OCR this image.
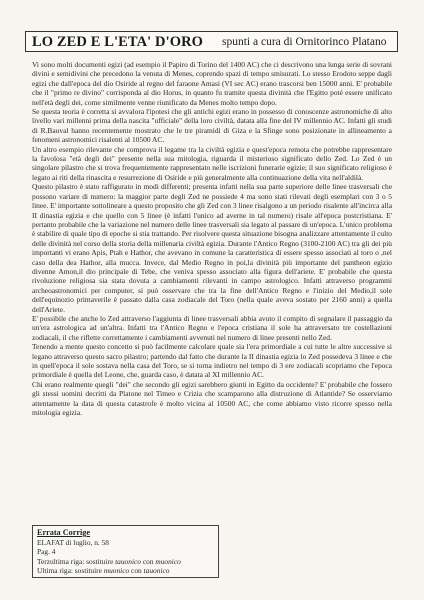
LO ZED E L'ETA' D'ORO spunti a cura di Ornitorinco Platano

Vi sono molti documenti egizi (ad esempio il Papiro di Torino del 1400 AC) che ci descrivono una lunga serie di sovrani divini e semidivini che precedono la venuta di Menes, coprendo spazi di tempo smisurati. Lo stesso Erodoto seppe dagli egizi che dall'epoca del dio Osiride al regno del faraone Amasi (VI sec AC) erano trascorsi ben 15000 anni. E' probabile che il "primo re divino" corrisponda al dio Horus, in quanto fu tramite questa divinità che l'Egitto poté essere unificato nell'età degli dei, come similmente venne riunificato da Menes molto tempo dopo.

Se questa teoria è corretta si avvalora l'ipotesi che gli antichi egizi erano in possesso di conoscenze astronomiche di alto livello vari millenni prima della nascita "ufficiale" della loro civiltà, datata alla fine del IV millennio AC. Infatti gli studi di R.Bauval hanno recentemente mostrato che le tre piramidi di Giza e la Sfinge sono posizionate in allineamento a fenomeni astronomici risalenti al 10500 AC.

Un altro esempio rilevante che comprova il legame tra la civiltà egizia e quest'epoca remota che potrebbe rappresentare la favolosa "età degli dei" presente nella sua mitologia, riguarda il misterioso significato dello Zed. Lo Zed è un singolare pilastro che si trova frequentemente rappresentato nelle iscrizioni funerarie egizie; il suo significato religioso è legato ai riti della rinascita e resurrezione di Osiride e più generalmente alla continuazione della vita nell'aldilà.

Questo pilastro è stato raffigurato in modi differenti; presenta infatti nella sua parte superiore delle linee trasversali che possono variare di numero: la maggior parte degli Zed ne possiede 4 ma sono stati rilevati degli esemplari con 3 o 5 linee. E' importante sottolineare a questo proposito che gli Zed con 3 linee risalgono a un periodo risalente all'incirca alla II dinastia egizia e che quello con 5 linee (è infatti l'unico ad averne in tal numero) risale all'epoca postcristiana. E' pertanto probabile che la variazione nel numero delle linee trasversali sia legato al passare di un'epoca. L'unico problema è stabilire di quale tipo di epoche si stia trattando. Per risolvere questa situazione bisogna analizzare attentamente il culto delle divinità nel corso della storia della millenaria civiltà egizia. Durante l'Antico Regno (3100-2100 AC) tra gli dei più importanti vi erano Apis, Ptah e Hathor, che avevano in comune la caratteristica di essere spesso associati al toro o ,nel caso della dea Hathor, alla mucca. Invece, dal Medio Regno in poi,la divinità più importante del pantheon egizio divenne Amon,il dio principale di Tebe, che veniva spesso associato alla figura dell'ariete. E' probabile che questa rivoluzione religiosa sia stata dovuta a cambiamenti rilevanti in campo astrologico. Infatti attraverso programmi archeoastronomici per computer, si può osservare che tra la fine dell'Antico Regno e l'inizio del Medio,il sole dell'equinozio primaverile è passato dalla casa zodiacale del Toro (nella quale aveva sostato per 2160 anni) a quella dell'Ariete.

E' possibile che anche lo Zed attraverso l'aggiunta di linee trasversali abbia avuto il compito di segnalare il passaggio da un'era astrologica ad un'altra. Infatti tra l'Antico Regno e l'epoca cristiana il sole ha attraversato tre costellazioni zodiacali, il che riflette correttamente i cambiamenti avvenuti nel numero di linee presenti nello Zed.

Tenendo a mente questo concetto si può facilmente calcolare quale sia l'era primordiale a cui tutte le altre successive si legano attraverso questo sacro pilastro; partendo dal fatto che durante la II dinastia egizia lo Zed possedeva 3 linee e che in quell'epoca il sole sostava nella casa del Toro, se si torna indietro nel tempo di 3 ere zodiacali scopriamo che l'epoca primordiale è quella del Leone, che, guarda caso, è datata al XI millennio AC.

Chi erano realmente quegli "dei" che secondo gli egizi sarebbero giunti in Egitto da occidente? E' probabile che fossero gli stessi uomini decritti da Platone nel Timeo e Crizia che scamparono alla distruzione di Atlantide? Se osserviamo attentamente la data di questa catastrofe è molto vicina al 10500 AC, che come abbiamo visto ricorre spesso nella mitologia egizia.

Errata Corrige
ELAFAT di luglio, n. 58
Pag. 4
Terzultima riga: sostituire tauonico con muonico
Ultima riga: sostituire muonico con tauonico
